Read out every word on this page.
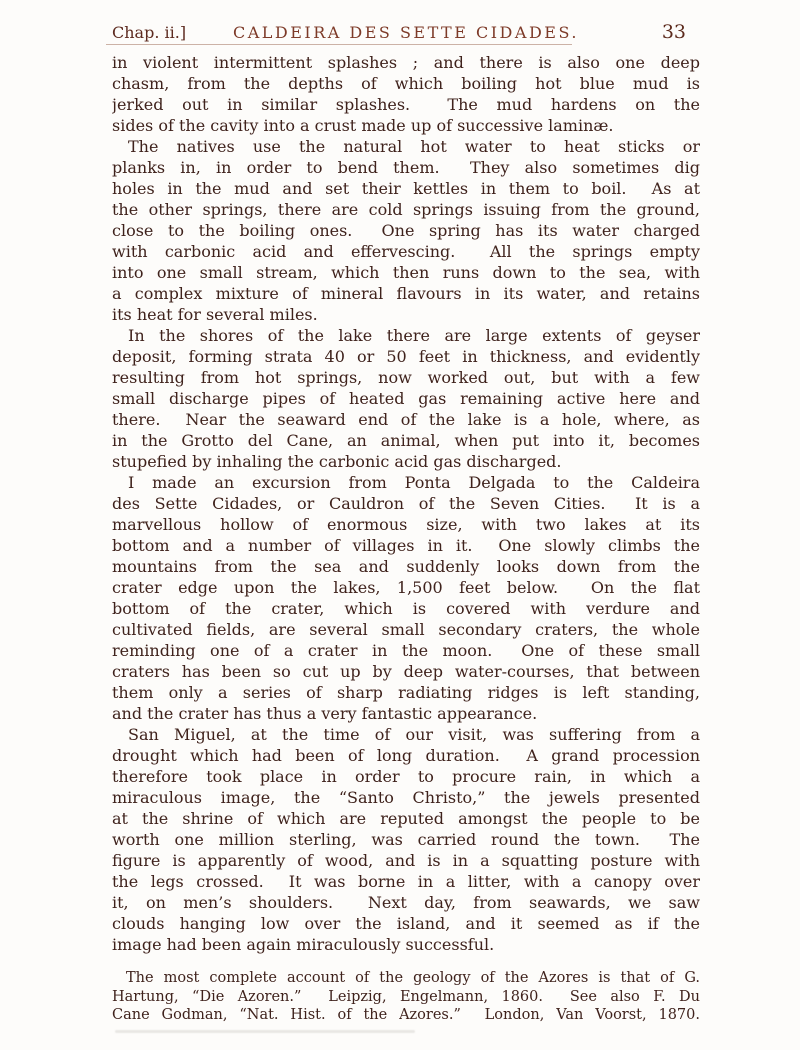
Chap. ii.]	CALDEIRA DES SETTE CIDADES.	33
in violent intermittent splashes ; and there is also one deep
chasm, from the depths of which boiling hot blue mud is
jerked out in similar splashes.  The mud hardens on the
sides of the cavity into a crust made up of successive laminæ.
The natives use the natural hot water to heat sticks or
planks in, in order to bend them.  They also sometimes dig
holes in the mud and set their kettles in them to boil.  As at
the other springs, there are cold springs issuing from the ground,
close to the boiling ones.  One spring has its water charged
with carbonic acid and effervescing.  All the springs empty
into one small stream, which then runs down to the sea, with
a complex mixture of mineral flavours in its water, and retains
its heat for several miles.
In the shores of the lake there are large extents of geyser
deposit, forming strata 40 or 50 feet in thickness, and evidently
resulting from hot springs, now worked out, but with a few
small discharge pipes of heated gas remaining active here and
there.  Near the seaward end of the lake is a hole, where, as
in the Grotto del Cane, an animal, when put into it, becomes
stupefied by inhaling the carbonic acid gas discharged.
I made an excursion from Ponta Delgada to the Caldeira
des Sette Cidades, or Cauldron of the Seven Cities.  It is a
marvellous hollow of enormous size, with two lakes at its
bottom and a number of villages in it.  One slowly climbs the
mountains from the sea and suddenly looks down from the
crater edge upon the lakes, 1,500 feet below.  On the flat
bottom of the crater, which is covered with verdure and
cultivated fields, are several small secondary craters, the whole
reminding one of a crater in the moon.  One of these small
craters has been so cut up by deep water-courses, that between
them only a series of sharp radiating ridges is left standing,
and the crater has thus a very fantastic appearance.
San Miguel, at the time of our visit, was suffering from a
drought which had been of long duration.  A grand procession
therefore took place in order to procure rain, in which a
miraculous image, the “Santo Christo,” the jewels presented
at the shrine of which are reputed amongst the people to be
worth one million sterling, was carried round the town.  The
figure is apparently of wood, and is in a squatting posture with
the legs crossed.  It was borne in a litter, with a canopy over
it, on men’s shoulders.  Next day, from seawards, we saw
clouds hanging low over the island, and it seemed as if the
image had been again miraculously successful.
The most complete account of the geology of the Azores is that of G.
Hartung, “Die Azoren.”  Leipzig, Engelmann, 1860.  See also F. Du
Cane Godman, “Nat. Hist. of the Azores.”  London, Van Voorst, 1870.
